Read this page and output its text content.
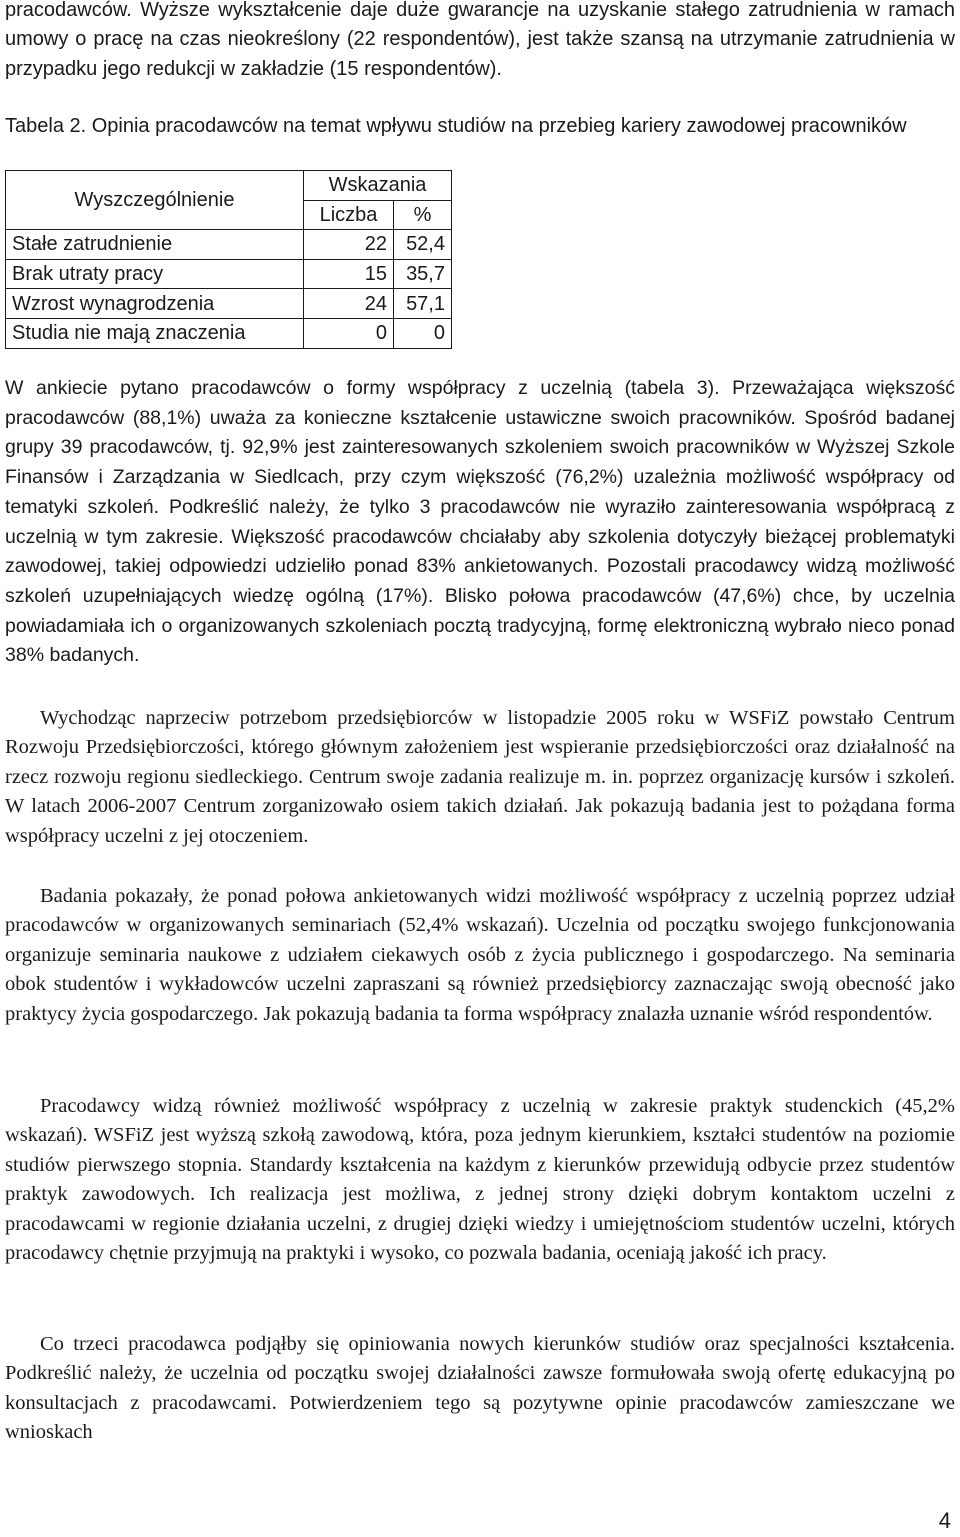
pracodawców. Wyższe wykształcenie daje duże gwarancje na uzyskanie stałego zatrudnienia w ramach umowy o pracę na czas nieokreślony (22 respondentów), jest także szansą na utrzymanie zatrudnienia w przypadku jego redukcji w zakładzie (15 respondentów).

Tabela 2. Opinia pracodawców na temat wpływu studiów na przebieg kariery zawodowej pracowników

Wyszczególnienie	Wskazania	
	Liczba	%
Stałe zatrudnienie	22	52,4
Brak utraty pracy	15	35,7
Wzrost wynagrodzenia	24	57,1
Studia nie mają znaczenia	0	0

W ankiecie pytano pracodawców o formy współpracy z uczelnią (tabela 3). Przeważająca większość pracodawców (88,1%) uważa za konieczne kształcenie ustawiczne swoich pracowników. Spośród badanej grupy 39 pracodawców, tj. 92,9% jest zainteresowanych szkoleniem swoich pracowników w Wyższej Szkole Finansów i Zarządzania w Siedlcach, przy czym większość (76,2%) uzależnia możliwość współpracy od tematyki szkoleń. Podkreślić należy, że tylko 3 pracodawców nie wyraziło zainteresowania współpracą z uczelnią w tym zakresie. Większość pracodawców chciałaby aby szkolenia dotyczyły bieżącej problematyki zawodowej, takiej odpowiedzi udzieliło ponad 83% ankietowanych. Pozostali pracodawcy widzą możliwość szkoleń uzupełniających wiedzę ogólną (17%). Blisko połowa pracodawców (47,6%) chce, by uczelnia powiadamiała ich o organizowanych szkoleniach pocztą tradycyjną, formę elektroniczną wybrało nieco ponad 38% badanych.

Wychodząc naprzeciw potrzebom przedsiębiorców w listopadzie 2005 roku w WSFiZ powstało Centrum Rozwoju Przedsiębiorczości, którego głównym założeniem jest wspieranie przedsiębiorczości oraz działalność na rzecz rozwoju regionu siedleckiego. Centrum swoje zadania realizuje m. in. poprzez organizację kursów i szkoleń. W latach 2006-2007 Centrum zorganizowało osiem takich działań. Jak pokazują badania jest to pożądana forma współpracy uczelni z jej otoczeniem.

Badania pokazały, że ponad połowa ankietowanych widzi możliwość współpracy z uczelnią poprzez udział pracodawców w organizowanych seminariach (52,4% wskazań). Uczelnia od początku swojego funkcjonowania organizuje seminaria naukowe z udziałem ciekawych osób z życia publicznego i gospodarczego. Na seminaria obok studentów i wykładowców uczelni zapraszani są również przedsiębiorcy zaznaczając swoją obecność jako praktycy życia gospodarczego. Jak pokazują badania ta forma współpracy znalazła uznanie wśród respondentów.

Pracodawcy widzą również możliwość współpracy z uczelnią w zakresie praktyk studenckich (45,2% wskazań). WSFiZ jest wyższą szkołą zawodową, która, poza jednym kierunkiem, kształci studentów na poziomie studiów pierwszego stopnia. Standardy kształcenia na każdym z kierunków przewidują odbycie przez studentów praktyk zawodowych. Ich realizacja jest możliwa, z jednej strony dzięki dobrym kontaktom uczelni z pracodawcami w regionie działania uczelni, z drugiej dzięki wiedzy i umiejętnościom studentów uczelni, których pracodawcy chętnie przyjmują na praktyki i wysoko, co pozwala badania, oceniają jakość ich pracy.

Co trzeci pracodawca podjąłby się opiniowania nowych kierunków studiów oraz specjalności kształcenia. Podkreślić należy, że uczelnia od początku swojej działalności zawsze formułowała swoją ofertę edukacyjną po konsultacjach z pracodawcami. Potwierdzeniem tego są pozytywne opinie pracodawców zamieszczane we wnioskach

4
